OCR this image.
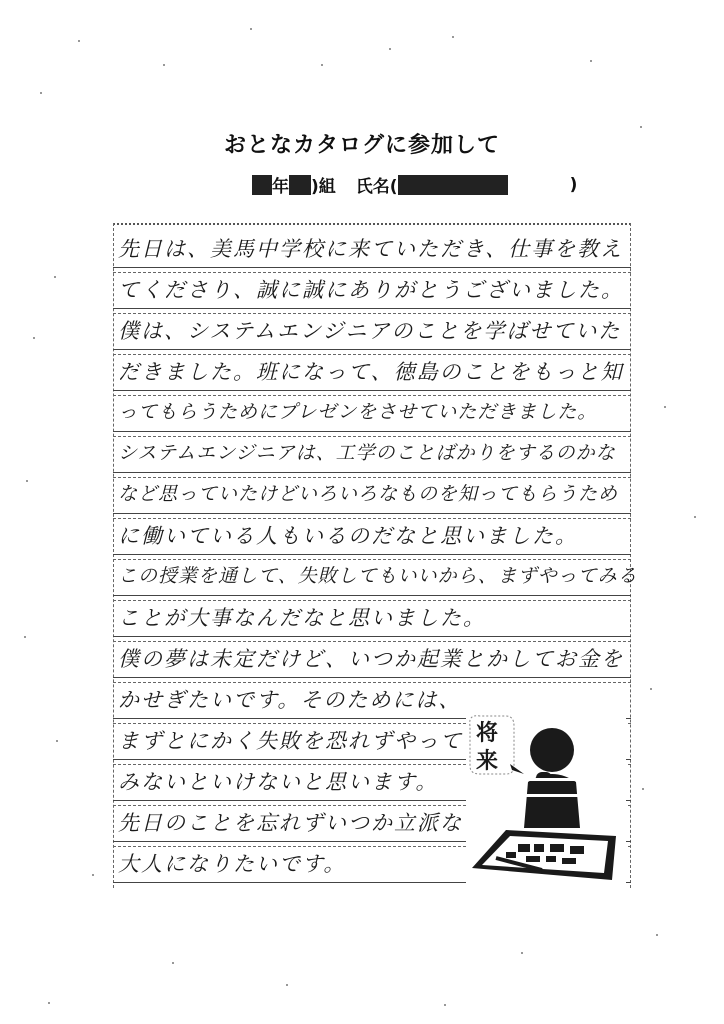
おとなカタログに参加して
年 )組 氏名(	)
先日は、美馬中学校に来ていただき、仕事を教え
てくださり、誠に誠にありがとうございました。
僕は、システムエンジニアのことを学ばせていた
だきました。班になって、徳島のことをもっと知
ってもらうためにプレゼンをさせていただきました。
システムエンジニアは、工学のことばかりをするのかな
など思っていたけどいろいろなものを知ってもらうため
に働いている人もいるのだなと思いました。
この授業を通して、失敗してもいいから、まずやってみる
ことが大事なんだなと思いました。
僕の夢は未定だけど、いつか起業とかしてお金を
かせぎたいです。そのためには、
まずとにかく失敗を恐れずやって
みないといけないと思います。
先日のことを忘れずいつか立派な
大人になりたいです。
将
来
